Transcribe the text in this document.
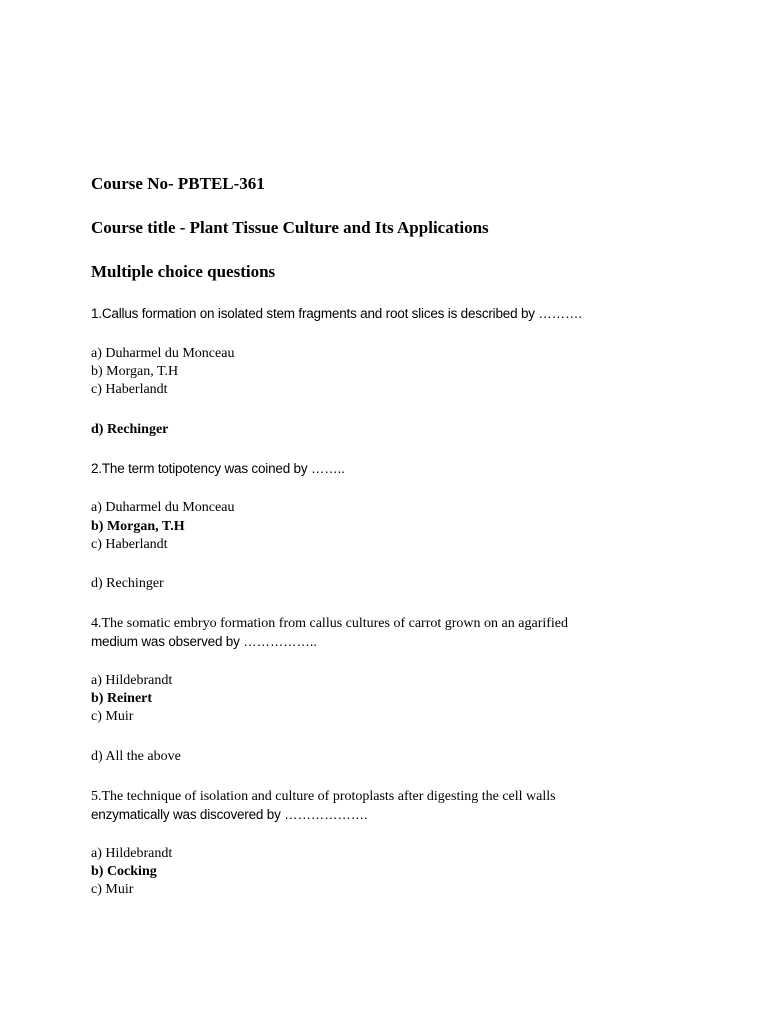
Course No- PBTEL-361

Course title - Plant Tissue Culture and Its Applications

Multiple choice questions

1.Callus formation on isolated stem fragments and root slices is described by ……….

a) Duharmel du Monceau

b) Morgan, T.H

c) Haberlandt

d) Rechinger

2.The term totipotency was coined by ……..

a) Duharmel du Monceau

b) Morgan, T.H

c) Haberlandt

d) Rechinger

4.The somatic embryo formation from callus cultures of carrot grown on an agarified

medium was observed by ……………..

a) Hildebrandt

b) Reinert

c) Muir

d) All the above

5.The technique of isolation and culture of protoplasts after digesting the cell walls

enzymatically was discovered by ……………….

a) Hildebrandt

b) Cocking

c) Muir
